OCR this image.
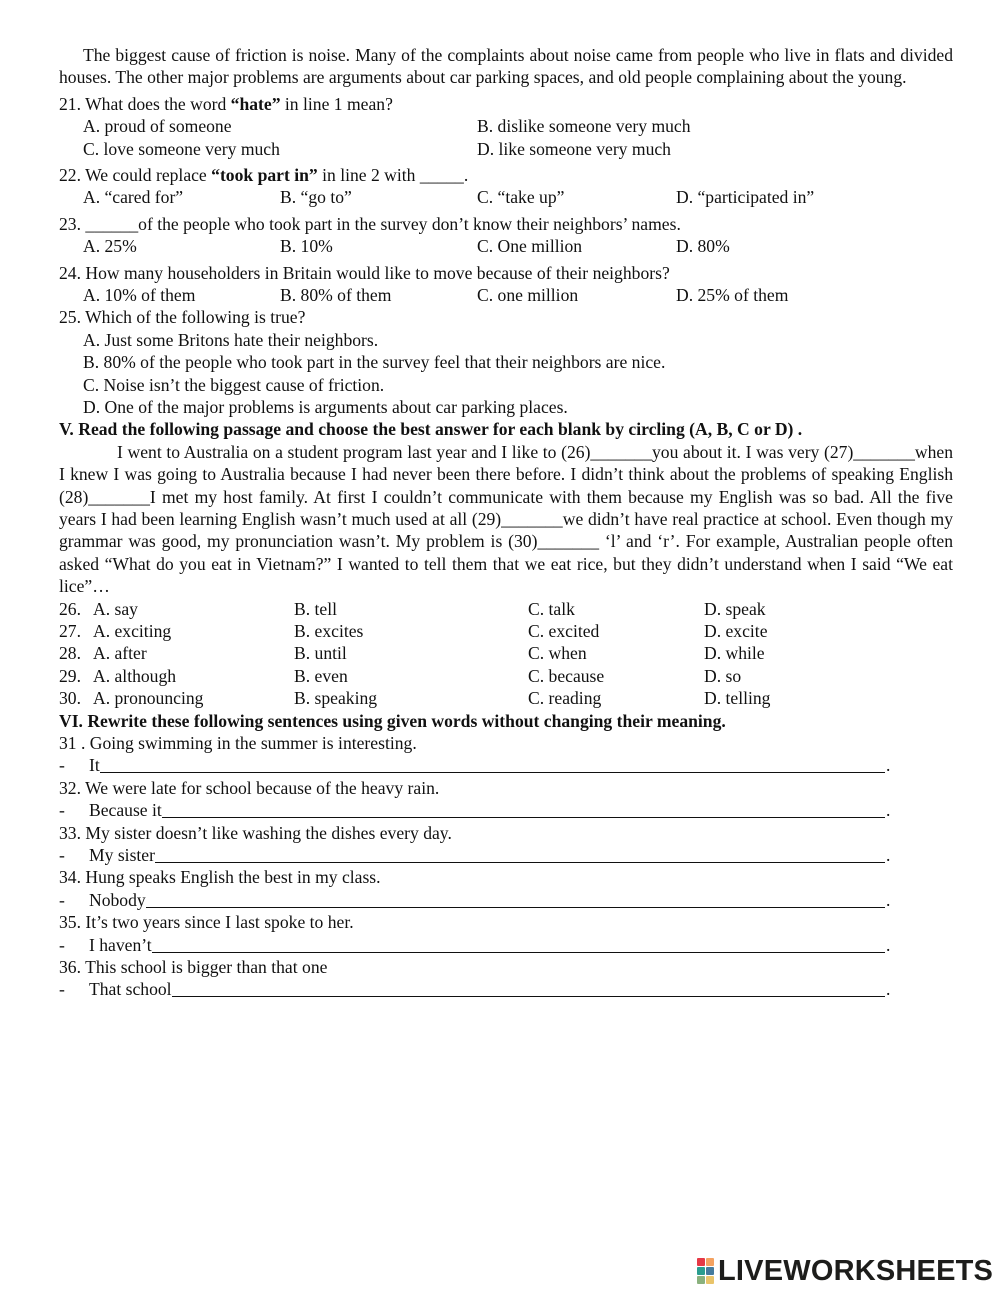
The biggest cause of friction is noise. Many of the complaints about noise came from people who live in flats and divided houses. The other major problems are arguments about car parking spaces, and old people complaining about the young.

21. What does the word “hate” in line 1 mean?

A. proud of someone	B. dislike someone very much
C. love someone very much	D. like someone very much

22. We could replace “took part in” in line 2 with _____.

A. “cared for”	B. “go to”	C. “take up”	D. “participated in”

23. ______of the people who took part in the survey don’t know their neighbors’ names.

A. 25%	B. 10%	C. One million	D. 80%

24. How many householders in Britain would like to move because of their neighbors?

A. 10% of them	B. 80% of them	C. one million	D. 25% of them

25. Which of the following is true?

A. Just some Britons hate their neighbors.

B. 80% of the people who took part in the survey feel that their neighbors are nice.

C. Noise isn’t the biggest cause of friction.

D. One of the major problems is arguments about car parking places.

V. Read the following passage and choose the best answer for each blank by circling (A, B, C or D) .

I went to Australia on a student program last year and I like to (26)_______you about it. I was very (27)_______when I knew I was going to Australia because I had never been there before. I didn’t think about the problems of speaking English (28)_______I met my host family. At first I couldn’t communicate with them because my English was so bad. All the five years I had been learning English wasn’t much used at all (29)_______we didn’t have real practice at school. Even though my grammar was good, my pronunciation wasn’t. My problem is (30)_______ ‘l’ and ‘r’. For example, Australian people often asked “What do you eat in Vietnam?” I wanted to tell them that we eat rice, but they didn’t understand when I said “We eat lice”…

26. A. say	B. tell	C. talk	D. speak
27. A. exciting	B. excites	C. excited	D. excite
28. A. after	B. until	C. when	D. while
29. A. although	B. even	C. because	D. so
30. A. pronouncing	B. speaking	C. reading	D. telling

VI. Rewrite these following sentences using given words without changing their meaning.

31 . Going swimming in the summer is interesting.

- It	.

32. We were late for school because of the heavy rain.

- Because it	.

33. My sister doesn’t like washing the dishes every day.

- My sister	.

34. Hung speaks English the best in my class.

- Nobody	.

35. It’s two years since I last spoke to her.

- I haven’t	.

36. This school is bigger than that one

- That school	.
LIVEWORKSHEETS
